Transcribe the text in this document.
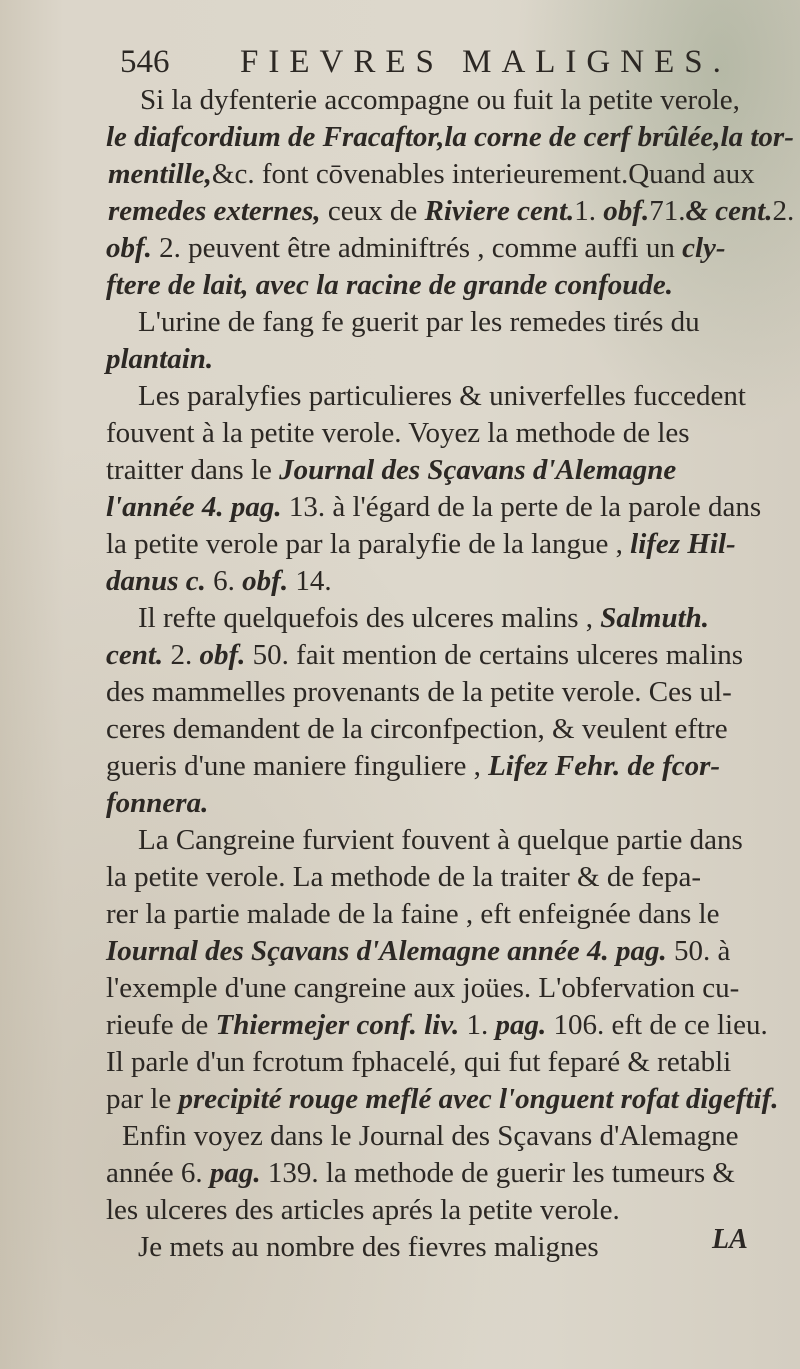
546 FIEVRES MALIGNES.
Si la dyfenterie accompagne ou fuit la petite verole,
le diafcordium de Fracaftor,la corne de cerf brûlée,la tor-
mentille,&c. font cōvenables interieurement.Quand aux
remedes externes, ceux de Riviere cent.1. obf.71.& cent.2.
obf. 2. peuvent être adminiftrés , comme auffi un cly-
ftere de lait, avec la racine de grande confoude.
L'urine de fang fe guerit par les remedes tirés du
plantain.
Les paralyfies particulieres & univerfelles fuccedent
fouvent à la petite verole. Voyez la methode de les
traitter dans le Journal des Sçavans d'Alemagne
l'année 4. pag. 13. à l'égard de la perte de la parole dans
la petite verole par la paralyfie de la langue , lifez Hil-
danus c. 6. obf. 14.
Il refte quelquefois des ulceres malins , Salmuth.
cent. 2. obf. 50. fait mention de certains ulceres malins
des mammelles provenants de la petite verole. Ces ul-
ceres demandent de la circonfpection, & veulent eftre
gueris d'une maniere finguliere , Lifez Fehr. de fcor-
fonnera.
La Cangreine furvient fouvent à quelque partie dans
la petite verole. La methode de la traiter & de fepa-
rer la partie malade de la faine , eft enfeignée dans le
Iournal des Sçavans d'Alemagne année 4. pag. 50. à
l'exemple d'une cangreine aux joües. L'obfervation cu-
rieufe de Thiermejer conf. liv. 1. pag. 106. eft de ce lieu.
Il parle d'un fcrotum fphacelé, qui fut feparé & retabli
par le precipité rouge meflé avec l'onguent rofat digeftif.
Enfin voyez dans le Journal des Sçavans d'Alemagne
année 6. pag. 139. la methode de guerir les tumeurs &
les ulceres des articles aprés la petite verole.
Je mets au nombre des fievres malignes	LA
